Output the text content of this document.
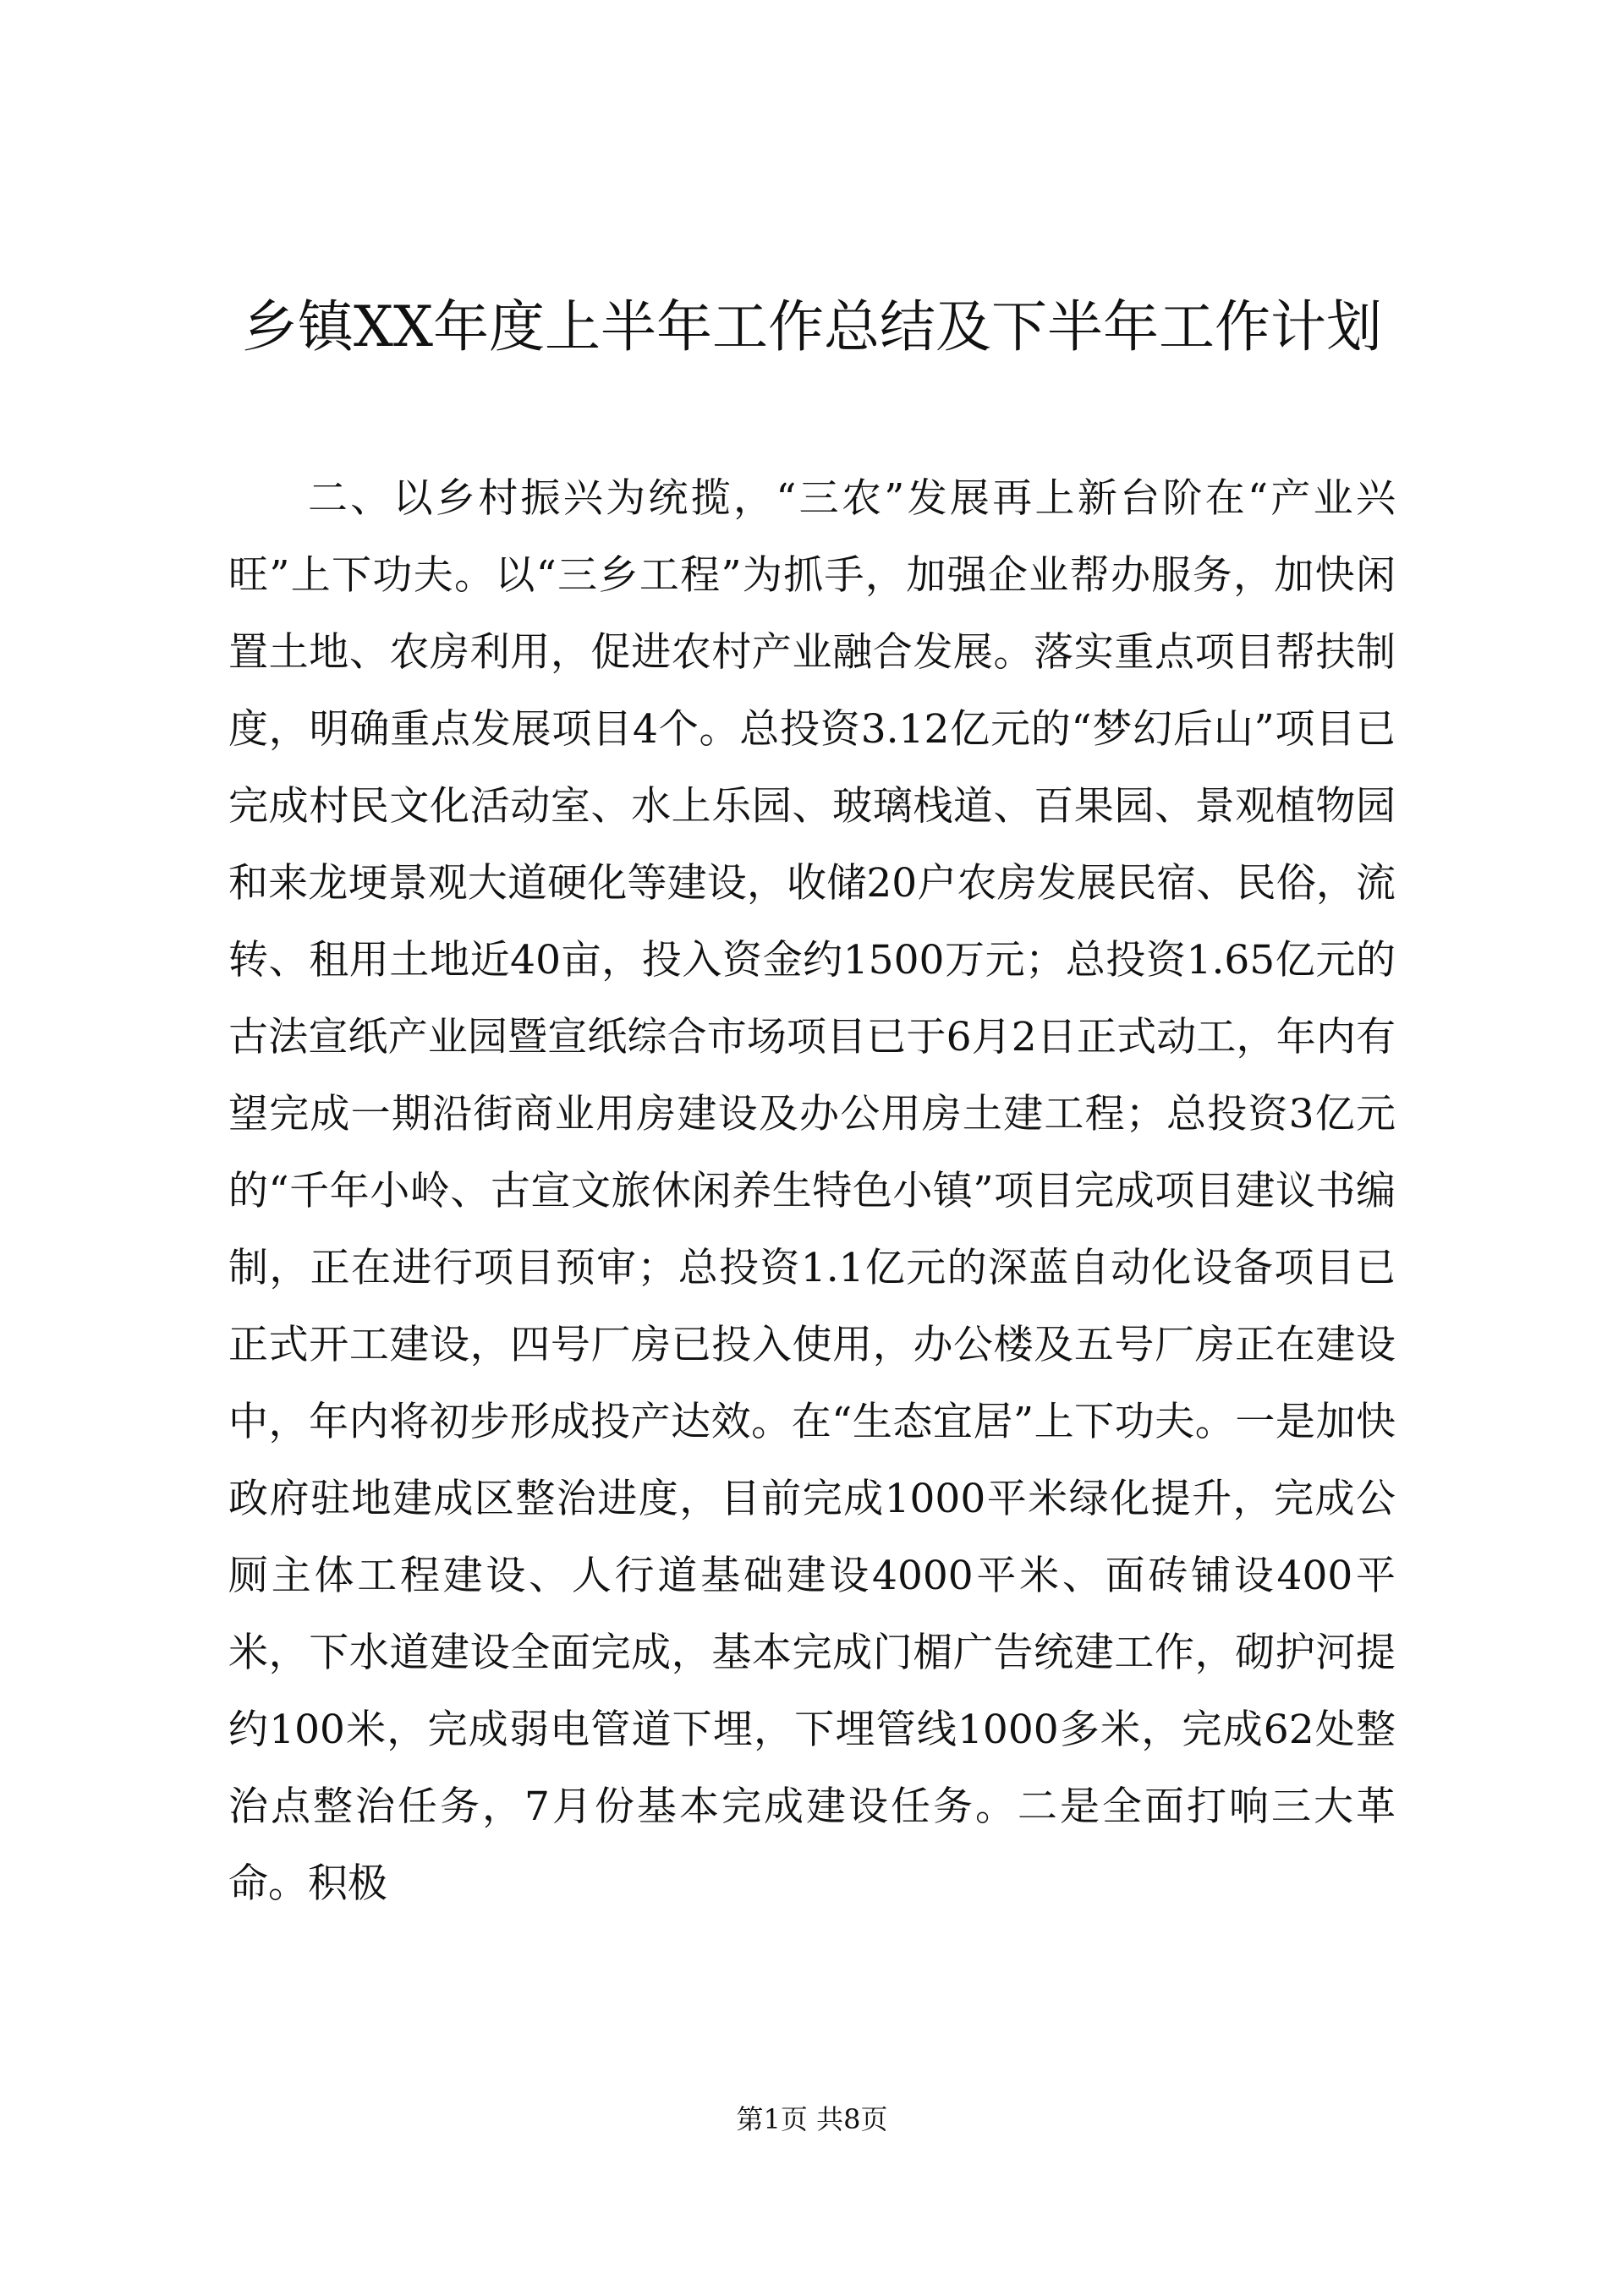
乡镇XX年度上半年工作总结及下半年工作计划

二、以乡村振兴为统揽，“三农”发展再上新台阶在“产业兴旺”上下功夫。以“三乡工程”为抓手，加强企业帮办服务，加快闲置土地、农房利用，促进农村产业融合发展。落实重点项目帮扶制度，明确重点发展项目4个。总投资3.12亿元的“梦幻后山”项目已完成村民文化活动室、水上乐园、玻璃栈道、百果园、景观植物园和来龙埂景观大道硬化等建设，收储20户农房发展民宿、民俗，流转、租用土地近40亩，投入资金约1500万元；总投资1.65亿元的古法宣纸产业园暨宣纸综合市场项目已于6月2日正式动工，年内有望完成一期沿街商业用房建设及办公用房土建工程；总投资3亿元的“千年小岭、古宣文旅休闲养生特色小镇”项目完成项目建议书编制，正在进行项目预审；总投资1.1亿元的深蓝自动化设备项目已正式开工建设，四号厂房已投入使用，办公楼及五号厂房正在建设中，年内将初步形成投产达效。在“生态宜居”上下功夫。一是加快政府驻地建成区整治进度，目前完成1000平米绿化提升，完成公厕主体工程建设、人行道基础建设4000平米、面砖铺设400平米，下水道建设全面完成，基本完成门楣广告统建工作，砌护河提约100米，完成弱电管道下埋，下埋管线1000多米，完成62处整治点整治任务，7月份基本完成建设任务。二是全面打响三大革命。积极

第1页 共8页
